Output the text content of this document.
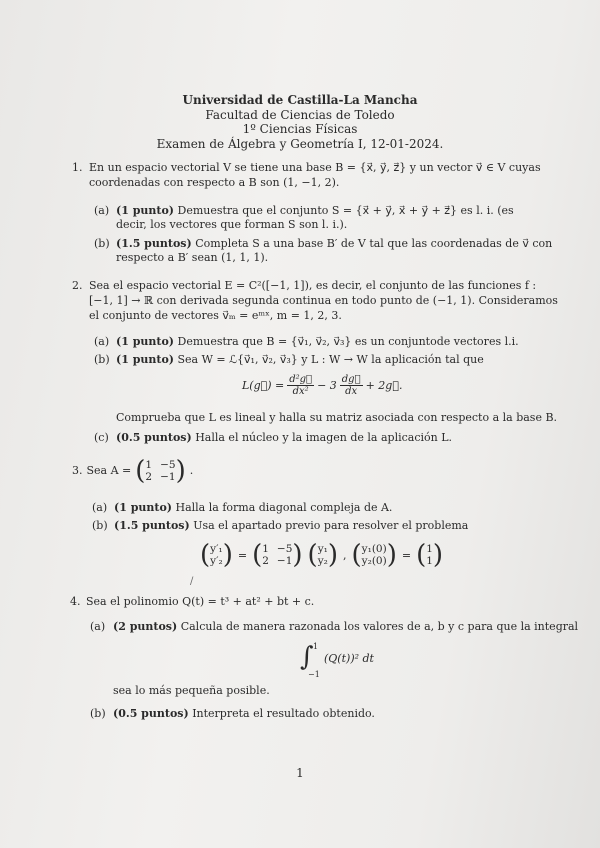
Universidad de Castilla-La Mancha
Facultad de Ciencias de Toledo
1º Ciencias Físicas
Examen de Álgebra y Geometría I, 12-01-2024.
1. En un espacio vectorial V se tiene una base B = {x⃗, y⃗, z⃗} y un vector v⃗ ∈ V cuyas
coordenadas con respecto a B son (1, −1, 2).
(a) (1 punto) Demuestra que el conjunto S = {x⃗ + y⃗, x⃗ + y⃗ + z⃗} es l. i. (es
decir, los vectores que forman S son l. i.).
(b) (1.5 puntos) Completa S a una base B′ de V tal que las coordenadas de v⃗ con
respecto a B′ sean (1, 1, 1).
2. Sea el espacio vectorial E = C²([−1, 1]), es decir, el conjunto de las funciones f :
[−1, 1] → ℝ con derivada segunda continua en todo punto de (−1, 1). Consideramos
el conjunto de vectores v⃗ₘ = eᵐˣ, m = 1, 2, 3.
(a) (1 punto) Demuestra que B = {v⃗₁, v⃗₂, v⃗₃} es un conjuntode vectores l.i.
(b) (1 punto) Sea W = ℒ{v⃗₁, v⃗₂, v⃗₃} y L : W → W la aplicación tal que
L(g⃗) = $\frac{\text{d²g⃗}}{\text{dx²}} - 3 \frac{dg⃗}{dx}$ + 2g⃗.
Comprueba que L es lineal y halla su matriz asociada con respecto a la base B.
(c) (0.5 puntos) Halla el núcleo y la imagen de la aplicación L.
3. Sea A = ( 1 −5
2 −1 ) .
(a) (1 punto) Halla la forma diagonal compleja de A.
(b) (1.5 puntos) Usa el apartado previo para resolver el problema
( y′₁
y′₂ ) = ( 1 −5
2 −1 ) ( y₁
y₂ ) , ( y₁(0)
y₂(0) ) = ( 1
1 )
/
4. Sea el polinomio Q(t) = t³ + at² + bt + c.
(a) (2 puntos) Calcula de manera razonada los valores de a, b y c para que la integral
∫ 1
−1
(Q(t))² dt
sea lo más pequeña posible.
(b) (0.5 puntos) Interpreta el resultado obtenido.
1
